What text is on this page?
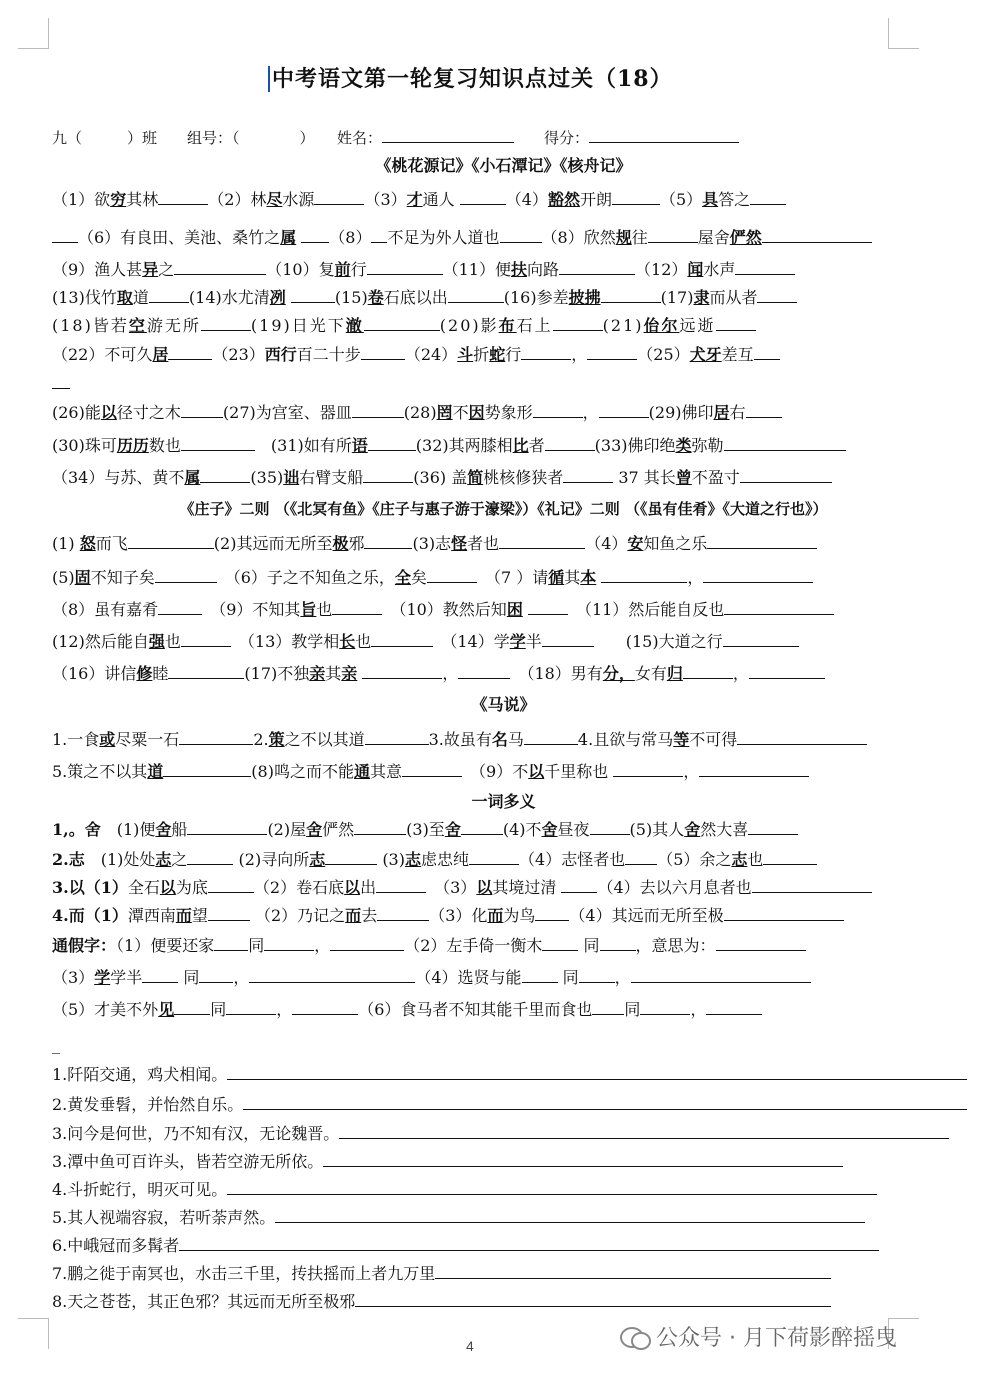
中考语文第一轮复习知识点过关（18）
九（　　　）班　　组号：（　　　　）　　姓名：　　	得分：
《桃花源记》《小石潭记》《核舟记》
（1）欲穷其林	（2）林尽水源	（3）才通人	（4）豁然开朗	（5）具答之
（6）有良田、美池、桑竹之属 （8） 不足为外人道也	（8）欣然规往	屋舍俨然
（9）渔人甚异之	（10）复前行	（11）便扶向路	（12）闻水声
(13)伐竹取道	(14)水尤清冽	(15)卷石底以出	(16)参差披拂	(17)隶而从者
(18)皆若空游无所	(19)日光下澈	(20)影布石上	(21)佁尔远逝
（22）不可久居	（23）西行百二十步	（24）斗折蛇行	，	（25）犬牙差互
(26)能以径寸之木	(27)为宫室、器皿	(28)罔不因势象形	，	(29)佛印居右
(30)珠可历历数也　	(31)如有所语	(32)其两膝相比者	(33)佛印绝类弥勒
（34）与苏、黄不属	(35)诎右臂支船	(36) 盖简桃核修狭者	37 其长曾不盈寸
《庄子》二则 （《北冥有鱼》《庄子与惠子游于濠梁》）《礼记》二则 （《虽有佳肴》《大道之行也》）
(1) 怒而飞	(2)其远而无所至极邪	(3)志怪者也	（4）安知鱼之乐
(5)固不知子矣　	（6）子之不知鱼之乐，全矣　	（7 ）请循其本	，
（8）虽有嘉肴　	（9）不知其旨也　	（10）教然后知困 　	（11）然后能自反也
(12)然后能自强也　	（13）教学相长也　	（14）学学半　　	(15)大道之行
（16）讲信修睦	(17)不独亲其亲	，　	（18）男有分，女有归	，
《马说》
1.一食或尽粟一石	2.策之不以其道	3.故虽有名马	4.且欲与常马等不可得
5.策之不以其道	(8)鸣之而不能通其意　	（9）不以千里称也	，
一词多义
1,。舍　 (1)便舍船	(2)屋舍俨然	(3)至舍	(4)不舍昼夜	(5)其人舍然大喜
2.志　 (1)处处志之	(2)寻向所志	(3)志虑忠纯	（4）志怪者也 （5）余之志也
3.以（1）全石以为底	（2）卷石底以出　	（3）以其境过清	（4）去以六月息者也
4.而（1）潭西南而望	（2）乃记之而去	（3）化而为鸟 （4）其远而无所至极
通假字：（1）便要还家 同	，	（2）左手倚一衡木	同 ，意思为：
（3）学学半	同 ，	（4）选贤与能	同 ，
（5）才美不外见 同	，	（6）食马者不知其能千里而食也 同	，
_
1.阡陌交通，鸡犬相闻。
2.黄发垂髫，并怡然自乐。
3.问今是何世，乃不知有汉，无论魏晋。
3.潭中鱼可百许头，皆若空游无所依。
4.斗折蛇行，明灭可见。
5.其人视端容寂，若听荼声然。
6.中峨冠而多髯者
7.鹏之徙于南冥也，水击三千里，抟扶摇而上者九万里
8.天之苍苍，其正色邪？其远而无所至极邪
4	公众号 · 月下荷影醉摇曳
